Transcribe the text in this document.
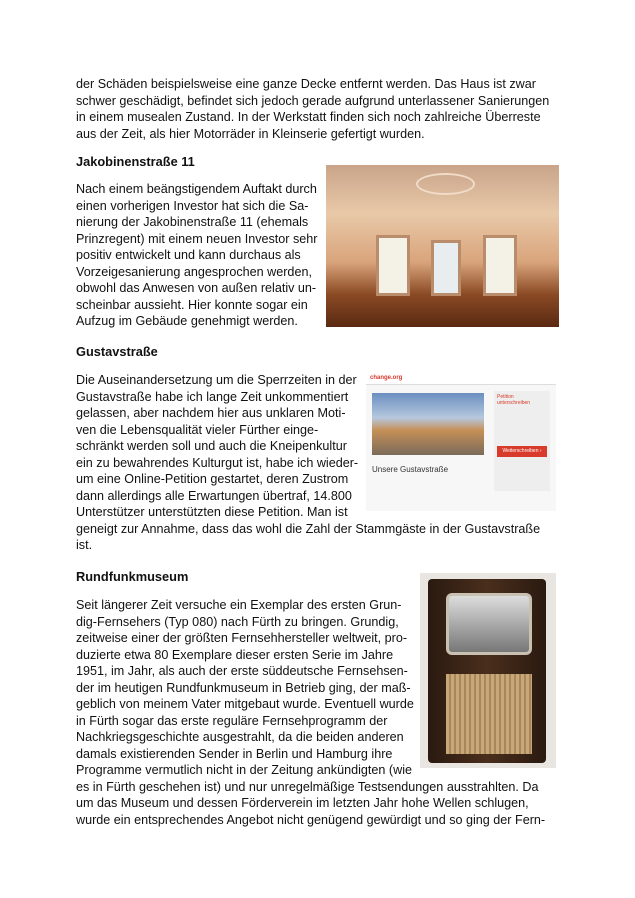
der Schäden beispielsweise eine ganze Decke entfernt werden. Das Haus ist zwar
schwer geschädigt, befindet sich jedoch gerade aufgrund unterlassener Sanierungen
in einem musealen Zustand. In der Werkstatt finden sich noch zahlreiche Überreste
aus der Zeit, als hier Motorräder in Kleinserie gefertigt wurden.
Jakobinenstraße 11
Nach einem beängstigendem Auftakt durch
einen vorherigen Investor hat sich die Sa-
nierung der Jakobinenstraße 11 (ehemals
Prinzregent) mit einem neuen Investor sehr
positiv entwickelt und kann durchaus als
Vorzeigesanierung angesprochen werden,
obwohl das Anwesen von außen relativ un-
scheinbar aussieht. Hier konnte sogar ein
Aufzug im Gebäude genehmigt werden.
Gustavstraße
Die Auseinandersetzung um die Sperrzeiten in der
Gustavstraße habe ich lange Zeit unkommentiert
gelassen, aber nachdem hier aus unklaren Moti-
ven die Lebensqualität vieler Fürther einge-
schränkt werden soll und auch die Kneipenkultur
ein zu bewahrendes Kulturgut ist, habe ich wieder-
um eine Online-Petition gestartet, deren Zustrom
dann allerdings alle Erwartungen übertraf, 14.800
Unterstützer unterstützten diese Petition. Man ist
geneigt zur Annahme, dass das wohl die Zahl der Stammgäste in der Gustavstraße
ist.
change.org
Unsere Gustavstraße
Petition unterschreiben
Weiterschreiben ›
Rundfunkmuseum
Seit längerer Zeit versuche ein Exemplar des ersten Grun-
dig-Fernsehers (Typ 080) nach Fürth zu bringen. Grundig,
zeitweise einer der größten Fernsehhersteller weltweit, pro-
duzierte etwa 80 Exemplare dieser ersten Serie im Jahre
1951, im Jahr, als auch der erste süddeutsche Fernsehsen-
der im heutigen Rundfunkmuseum in Betrieb ging, der maß-
geblich von meinem Vater mitgebaut wurde. Eventuell wurde
in Fürth sogar das erste reguläre Fernsehprogramm der
Nachkriegsgeschichte ausgestrahlt, da die beiden anderen
damals existierenden Sender in Berlin und Hamburg ihre
Programme vermutlich nicht in der Zeitung ankündigten (wie
es in Fürth geschehen ist) und nur unregelmäßige Testsendungen ausstrahlten. Da
um das Museum und dessen Förderverein im letzten Jahr hohe Wellen schlugen,
wurde ein entsprechendes Angebot nicht genügend gewürdigt und so ging der Fern-
